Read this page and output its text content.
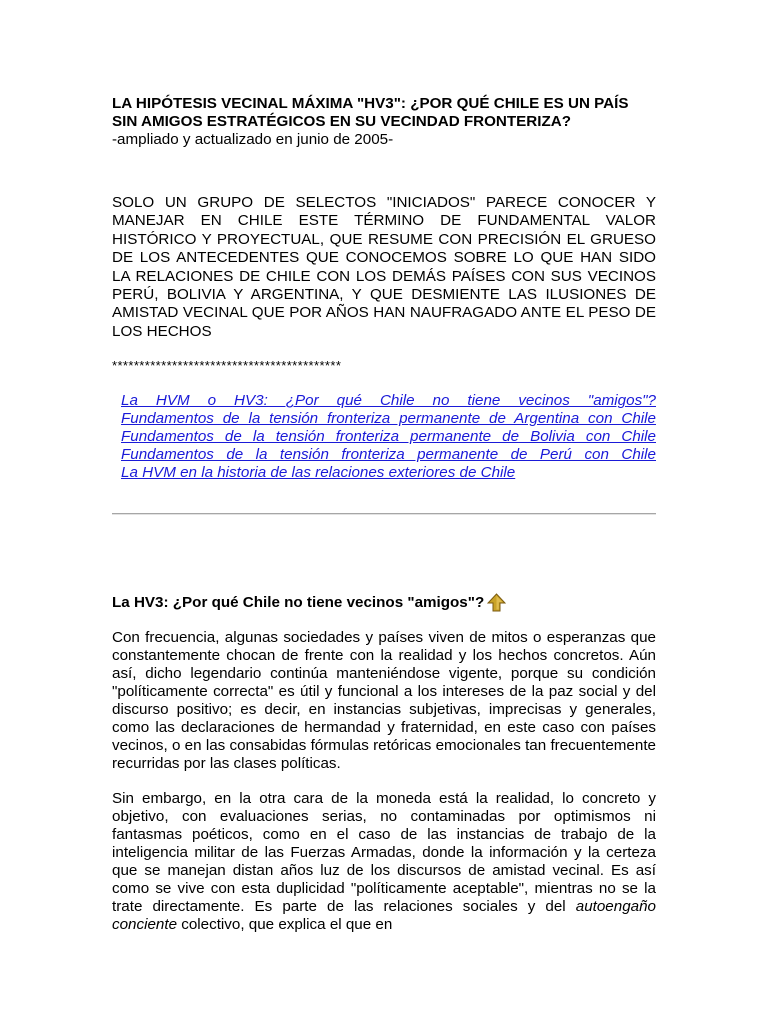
LA HIPÓTESIS VECINAL MÁXIMA "HV3": ¿POR QUÉ CHILE ES UN PAÍS SIN AMIGOS ESTRATÉGICOS EN SU VECINDAD FRONTERIZA?

-ampliado y actualizado en junio de 2005-

SOLO UN GRUPO DE SELECTOS "INICIADOS" PARECE CONOCER Y MANEJAR EN CHILE ESTE TÉRMINO DE FUNDAMENTAL VALOR HISTÓRICO Y PROYECTUAL, QUE RESUME CON PRECISIÓN EL GRUESO DE LOS ANTECEDENTES QUE CONOCEMOS SOBRE LO QUE HAN SIDO LA RELACIONES DE CHILE CON LOS DEMÁS PAÍSES CON SUS VECINOS PERÚ, BOLIVIA Y ARGENTINA, Y QUE DESMIENTE LAS ILUSIONES DE AMISTAD VECINAL QUE POR AÑOS HAN NAUFRAGADO ANTE EL PESO DE LOS HECHOS

******************************************
La HVM o HV3: ¿Por qué Chile no tiene vecinos "amigos"?
Fundamentos de la tensión fronteriza permanente de Argentina con Chile
Fundamentos de la tensión fronteriza permanente de Bolivia con Chile
Fundamentos de la tensión fronteriza permanente de Perú con Chile
La HVM en la historia de las relaciones exteriores de Chile
La HV3: ¿Por qué Chile no tiene vecinos "amigos"?

Con frecuencia, algunas sociedades y países viven de mitos o esperanzas que constantemente chocan de frente con la realidad y los hechos concretos. Aún así, dicho legendario continúa manteniéndose vigente, porque su condición "políticamente correcta" es útil y funcional a los intereses de la paz social y del discurso positivo; es decir, en instancias subjetivas, imprecisas y generales, como las declaraciones de hermandad y fraternidad, en este caso con países vecinos, o en las consabidas fórmulas retóricas emocionales tan frecuentemente recurridas por las clases políticas.

Sin embargo, en la otra cara de la moneda está la realidad, lo concreto y objetivo, con evaluaciones serias, no contaminadas por optimismos ni fantasmas poéticos, como en el caso de las instancias de trabajo de la inteligencia militar de las Fuerzas Armadas, donde la información y la certeza que se manejan distan años luz de los discursos de amistad vecinal. Es así como se vive con esta duplicidad "políticamente aceptable", mientras no se la trate directamente. Es parte de las relaciones sociales y del autoengaño conciente colectivo, que explica el que en
